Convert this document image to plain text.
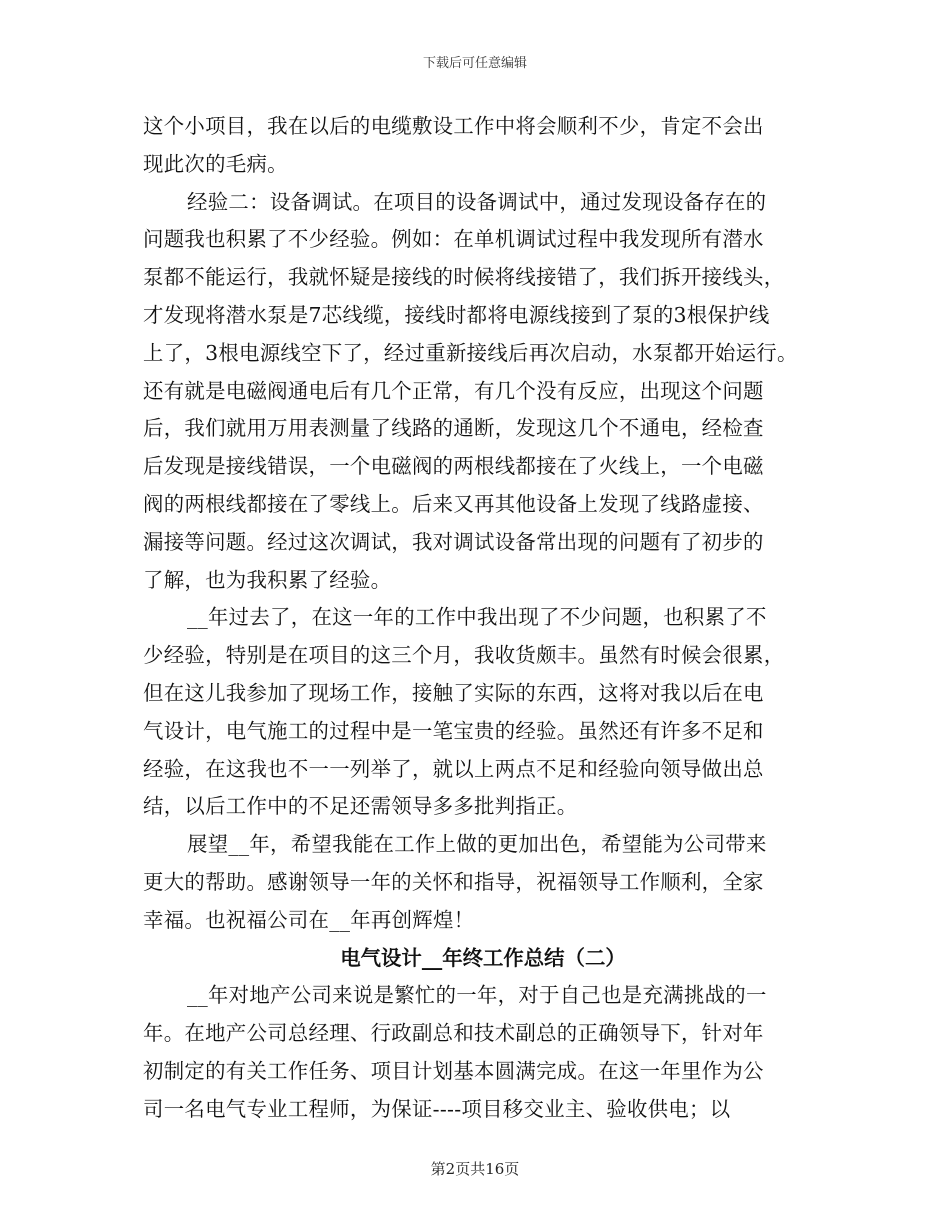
下载后可任意编辑
这个小项目，我在以后的电缆敷设工作中将会顺利不少，肯定不会出
现此次的毛病。
经验二：设备调试。在项目的设备调试中，通过发现设备存在的
问题我也积累了不少经验。例如：在单机调试过程中我发现所有潜水
泵都不能运行，我就怀疑是接线的时候将线接错了，我们拆开接线头，
才发现将潜水泵是7芯线缆，接线时都将电源线接到了泵的3根保护线
上了，3根电源线空下了，经过重新接线后再次启动，水泵都开始运行。
还有就是电磁阀通电后有几个正常，有几个没有反应，出现这个问题
后，我们就用万用表测量了线路的通断，发现这几个不通电，经检查
后发现是接线错误，一个电磁阀的两根线都接在了火线上，一个电磁
阀的两根线都接在了零线上。后来又再其他设备上发现了线路虚接、
漏接等问题。经过这次调试，我对调试设备常出现的问题有了初步的
了解，也为我积累了经验。
__年过去了，在这一年的工作中我出现了不少问题，也积累了不
少经验，特别是在项目的这三个月，我收货颇丰。虽然有时候会很累，
但在这儿我参加了现场工作，接触了实际的东西，这将对我以后在电
气设计，电气施工的过程中是一笔宝贵的经验。虽然还有许多不足和
经验，在这我也不一一列举了，就以上两点不足和经验向领导做出总
结，以后工作中的不足还需领导多多批判指正。
展望__年，希望我能在工作上做的更加出色，希望能为公司带来
更大的帮助。感谢领导一年的关怀和指导，祝福领导工作顺利，全家
幸福。也祝福公司在__年再创辉煌！
电气设计__年终工作总结（二）
__年对地产公司来说是繁忙的一年，对于自己也是充满挑战的一
年。在地产公司总经理、行政副总和技术副总的正确领导下，针对年
初制定的有关工作任务、项目计划基本圆满完成。在这一年里作为公
司一名电气专业工程师，为保证----项目移交业主、验收供电；以
第2页共16页
